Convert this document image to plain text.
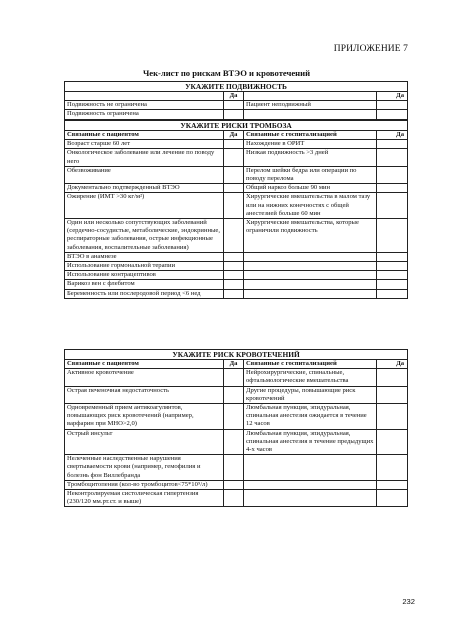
ПРИЛОЖЕНИЕ 7
Чек-лист по рискам ВТЭО и кровотечений
УКАЖИТЕ ПОДВИЖНОСТЬ			
	Да		Да
Подвижность не ограничена		Пациент неподвижный	
Подвижность ограничена			
УКАЖИТЕ РИСКИ ТРОМБОЗА			
Связанные с пациентом	Да	Связанные с госпитализацией	Да
Возраст старше 60 лет		Нахождение в ОРИТ	
Онкологическое заболевание или лечение по поводу него		Низкая подвижность >3 дней	
Обезвоживание		Перелом шейки бедра или операции по поводу перелома	
Документально подтвержденный ВТЭО		Общий наркоз больше 90 мин	
Ожирение (ИМТ >30 кг/м²)		Хирургические вмешательства в малом тазу или на нижних конечностях с общей анестезией больше 60 мин	
Один или несколько сопутствующих заболеваний (сердечно-сосудистые, метаболические, эндокринные, респираторные заболевания, острые инфекционные заболевания, воспалительные заболевания)		Хирургические вмешательства, которые ограничили подвижность	
ВТЭО в анамнезе			
Использование гормональной терапии			
Использование контрацептивов			
Варикоз вен с флебитом			
Беременность или послеродовой период <6 нед			
УКАЖИТЕ РИСК КРОВОТЕЧЕНИЙ			
Связанные с пациентом	Да	Связанные с госпитализацией	Да
Активное кровотечение		Нейрохирургические, спинальные, офтальмологические вмешательства	
Острая печеночная недостаточность		Другие процедуры, повышающие риск кровотечений	
Одновременный прием антикоагулянтов, повышающих риск кровотечений (например, варфарин при МНО>2,0)		Люмбальная пункция, эпидуральная, спинальная анестезия ожидается в течение 12 часов	
Острый инсульт		Люмбальная пункция, эпидуральная, спинальная анестезия в течение предыдущих 4-х часов	
Нелеченные наследственные нарушения свертываемости крови (например, гемофилия и болезнь фон Виллебранда			
Тромбоцитопения (кол-во тромбоцитов<75*10⁹/л)			
Неконтролируемая систолическая гипертензия (230/120 мм.рт.ст. и выше)			
232
